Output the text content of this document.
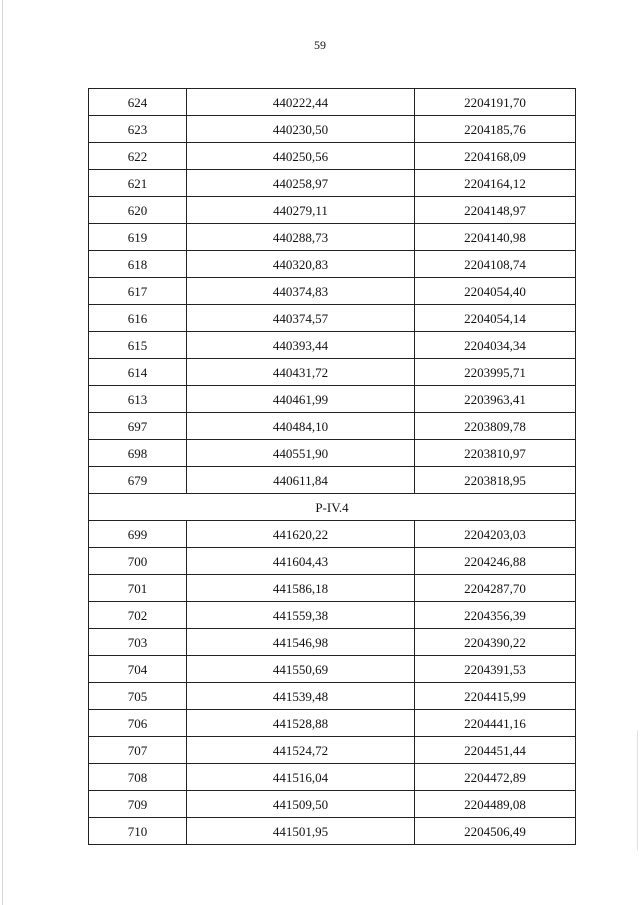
59
624	440222,44	2204191,70
623	440230,50	2204185,76
622	440250,56	2204168,09
621	440258,97	2204164,12
620	440279,11	2204148,97
619	440288,73	2204140,98
618	440320,83	2204108,74
617	440374,83	2204054,40
616	440374,57	2204054,14
615	440393,44	2204034,34
614	440431,72	2203995,71
613	440461,99	2203963,41
697	440484,10	2203809,78
698	440551,90	2203810,97
679	440611,84	2203818,95
P-IV.4		
699	441620,22	2204203,03
700	441604,43	2204246,88
701	441586,18	2204287,70
702	441559,38	2204356,39
703	441546,98	2204390,22
704	441550,69	2204391,53
705	441539,48	2204415,99
706	441528,88	2204441,16
707	441524,72	2204451,44
708	441516,04	2204472,89
709	441509,50	2204489,08
710	441501,95	2204506,49
